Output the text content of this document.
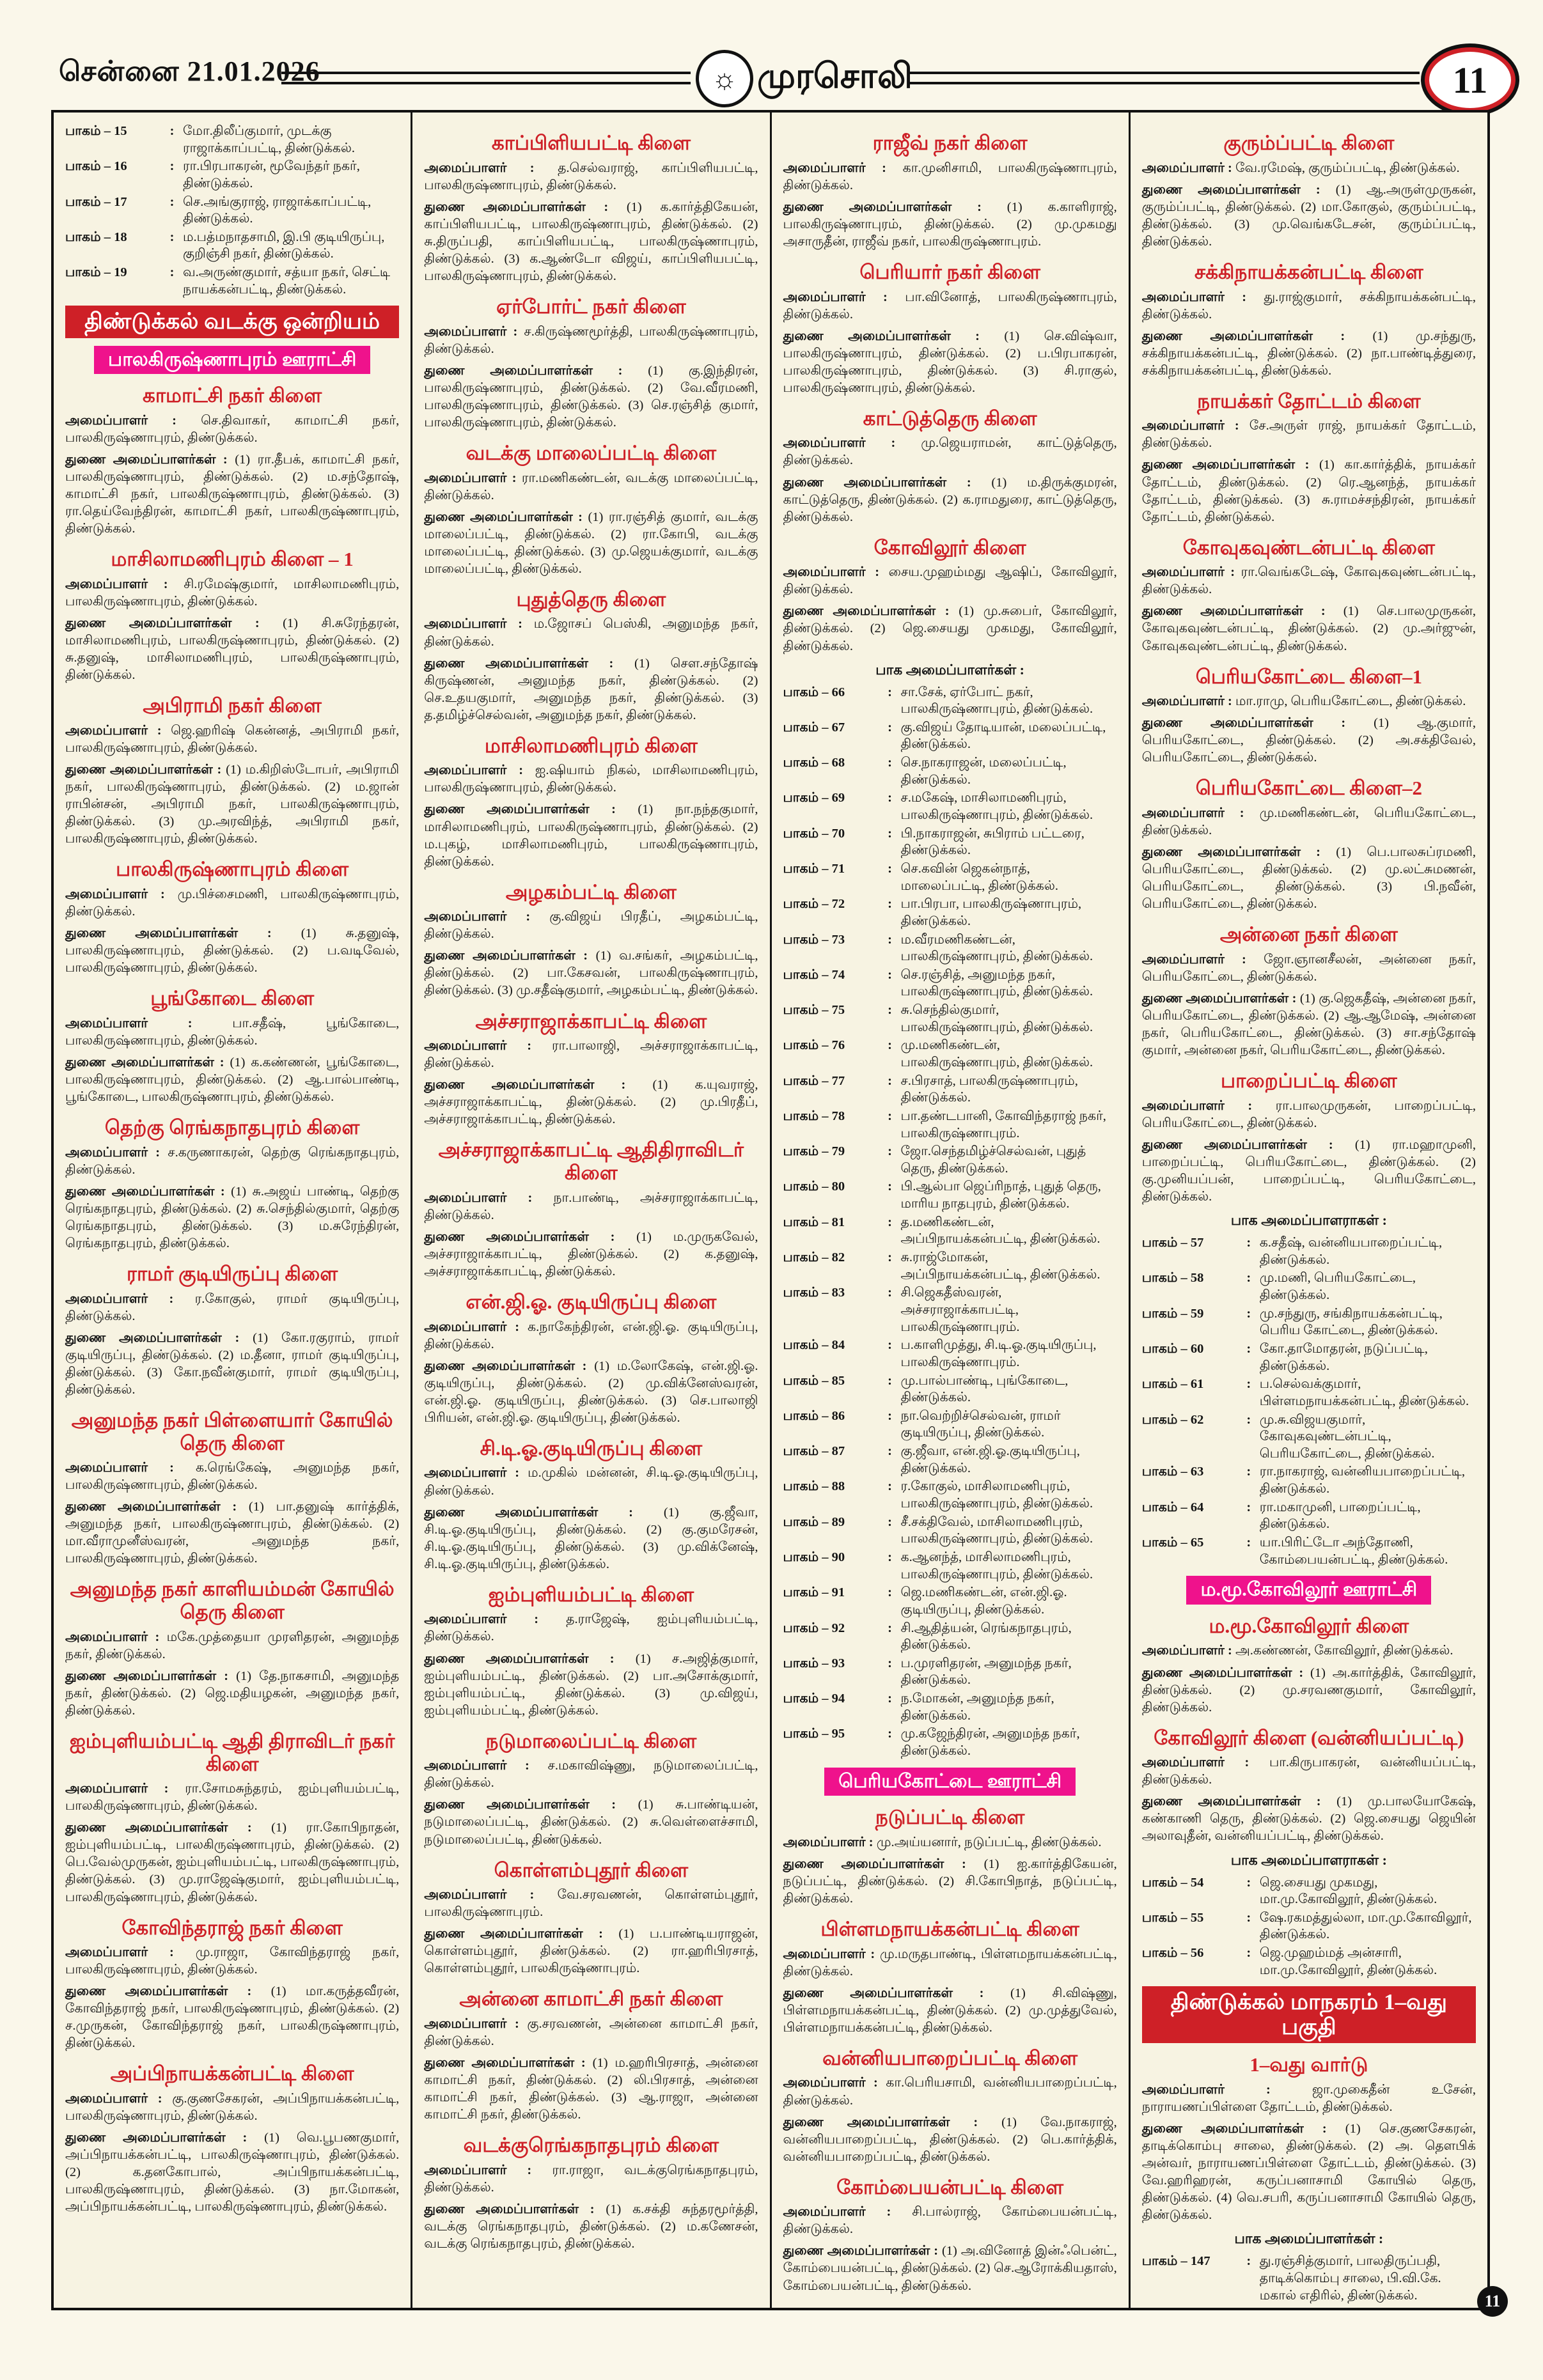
சென்னை 21.01.2026	☼ முரசொலி	11
பாகம் – 15	: மோ.திலீப்குமார், முடக்கு ராஜாக்காப்பட்டி, திண்டுக்கல்.
பாகம் – 16	: ரா.பிரபாகரன், மூவேந்தர் நகர், திண்டுக்கல்.
பாகம் – 17	: செ.அங்குராஜ், ராஜாக்காப்பட்டி, திண்டுக்கல்.
பாகம் – 18	: ம.பத்மநாதசாமி, இ.பி குடியிருப்பு, குறிஞ்சி நகர், திண்டுக்கல்.
பாகம் – 19	: வ.அருண்குமார், சத்யா நகர், செட்டி நாயக்கன்பட்டி, திண்டுக்கல்.
திண்டுக்கல் வடக்கு ஒன்றியம்
பாலகிருஷ்ணாபுரம் ஊராட்சி
காமாட்சி நகர் கிளை

அமைப்பாளர் : செ.திவாகர், காமாட்சி நகர், பாலகிருஷ்ணாபுரம், திண்டுக்கல்.

துணை அமைப்பாளர்கள் : (1) ரா.தீபக், காமாட்சி நகர், பாலகிருஷ்ணாபுரம், திண்டுக்கல். (2) ம.சந்தோஷ், காமாட்சி நகர், பாலகிருஷ்ணாபுரம், திண்டுக்கல். (3) ரா.தெய்வேந்திரன், காமாட்சி நகர், பாலகிருஷ்ணாபுரம், திண்டுக்கல்.

மாசிலாமணிபுரம் கிளை – 1

அமைப்பாளர் : சி.ரமேஷ்குமார், மாசிலாமணிபுரம், பாலகிருஷ்ணாபுரம், திண்டுக்கல்.

துணை அமைப்பாளர்கள் : (1) சி.சுரேந்தரன், மாசிலாமணிபுரம், பாலகிருஷ்ணாபுரம், திண்டுக்கல். (2) சு.தனுஷ், மாசிலாமணிபுரம், பாலகிருஷ்ணாபுரம், திண்டுக்கல்.

அபிராமி நகர் கிளை

அமைப்பாளர் : ஜெ.ஹரிஷ் கென்னத், அபிராமி நகர், பாலகிருஷ்ணாபுரம், திண்டுக்கல்.

துணை அமைப்பாளர்கள் : (1) ம.கிறிஸ்டோபர், அபிராமி நகர், பாலகிருஷ்ணாபுரம், திண்டுக்கல். (2) ம.ஜான் ராபின்சன், அபிராமி நகர், பாலகிருஷ்ணாபுரம், திண்டுக்கல். (3) மு.அரவிந்த், அபிராமி நகர், பாலகிருஷ்ணாபுரம், திண்டுக்கல்.

பாலகிருஷ்ணாபுரம் கிளை

அமைப்பாளர் : மு.பிச்சைமணி, பாலகிருஷ்ணாபுரம், திண்டுக்கல்.

துணை அமைப்பாளர்கள் : (1) சு.தனுஷ், பாலகிருஷ்ணாபுரம், திண்டுக்கல். (2) ப.வடிவேல், பாலகிருஷ்ணாபுரம், திண்டுக்கல்.

பூங்கோடை கிளை

அமைப்பாளர் : பா.சதீஷ், பூங்கோடை, பாலகிருஷ்ணாபுரம், திண்டுக்கல்.

துணை அமைப்பாளர்கள் : (1) க.கண்ணன், பூங்கோடை, பாலகிருஷ்ணாபுரம், திண்டுக்கல். (2) ஆ.பால்பாண்டி, பூங்கோடை, பாலகிருஷ்ணாபுரம், திண்டுக்கல்.

தெற்கு ரெங்கநாதபுரம் கிளை

அமைப்பாளர் : ச.கருணாகரன், தெற்கு ரெங்கநாதபுரம், திண்டுக்கல்.

துணை அமைப்பாளர்கள் : (1) சு.அஜய் பாண்டி, தெற்கு ரெங்கநாதபுரம், திண்டுக்கல். (2) சு.செந்தில்குமார், தெற்கு ரெங்கநாதபுரம், திண்டுக்கல். (3) ம.சுரேந்திரன், ரெங்கநாதபுரம், திண்டுக்கல்.

ராமர் குடியிருப்பு கிளை

அமைப்பாளர் : ர.கோகுல், ராமர் குடியிருப்பு, திண்டுக்கல்.

துணை அமைப்பாளர்கள் : (1) கோ.ரகுராம், ராமர் குடியிருப்பு, திண்டுக்கல். (2) ம.தீனா, ராமர் குடியிருப்பு, திண்டுக்கல். (3) கோ.நவீன்குமார், ராமர் குடியிருப்பு, திண்டுக்கல்.

அனுமந்த நகர் பிள்ளையார் கோயில் தெரு கிளை

அமைப்பாளர் : க.ரெங்கேஷ், அனுமந்த நகர், பாலகிருஷ்ணாபுரம், திண்டுக்கல்.

துணை அமைப்பாளர்கள் : (1) பா.தனுஷ் கார்த்திக், அனுமந்த நகர், பாலகிருஷ்ணாபுரம், திண்டுக்கல். (2) மா.வீராமுனீஸ்வரன், அனுமந்த நகர், பாலகிருஷ்ணாபுரம், திண்டுக்கல்.

அனுமந்த நகர் காளியம்மன் கோயில் தெரு கிளை

அமைப்பாளர் : மகே.முத்தையா முரளிதரன், அனுமந்த நகர், திண்டுக்கல்.

துணை அமைப்பாளர்கள் : (1) தே.நாகசாமி, அனுமந்த நகர், திண்டுக்கல். (2) ஜெ.மதியழகன், அனுமந்த நகர், திண்டுக்கல்.

ஐம்புளியம்பட்டி ஆதி திராவிடர் நகர் கிளை

அமைப்பாளர் : ரா.சோமசுந்தரம், ஐம்புளியம்பட்டி, பாலகிருஷ்ணாபுரம், திண்டுக்கல்.

துணை அமைப்பாளர்கள் : (1) ரா.கோபிநாதன், ஐம்புளியம்பட்டி, பாலகிருஷ்ணாபுரம், திண்டுக்கல். (2) பெ.வேல்முருகன், ஐம்புளியம்பட்டி, பாலகிருஷ்ணாபுரம், திண்டுக்கல். (3) மு.ராஜேஷ்குமார், ஐம்புளியம்பட்டி, பாலகிருஷ்ணாபுரம், திண்டுக்கல்.

கோவிந்தராஜ் நகர் கிளை

அமைப்பாளர் : மு.ராஜா, கோவிந்தராஜ் நகர், பாலகிருஷ்ணாபுரம், திண்டுக்கல்.

துணை அமைப்பாளர்கள் : (1) மா.கருத்தவீரன், கோவிந்தராஜ் நகர், பாலகிருஷ்ணாபுரம், திண்டுக்கல். (2) ச.முருகன், கோவிந்தராஜ் நகர், பாலகிருஷ்ணாபுரம், திண்டுக்கல்.

அப்பிநாயக்கன்பட்டி கிளை

அமைப்பாளர் : கு.குணசேகரன், அப்பிநாயக்கன்பட்டி, பாலகிருஷ்ணாபுரம், திண்டுக்கல்.

துணை அமைப்பாளர்கள் : (1) வெ.பூபணகுமார், அப்பிநாயக்கன்பட்டி, பாலகிருஷ்ணாபுரம், திண்டுக்கல். (2) க.தனகோபால், அப்பிநாயக்கன்பட்டி, பாலகிருஷ்ணாபுரம், திண்டுக்கல். (3) நா.மோகன், அப்பிநாயக்கன்பட்டி, பாலகிருஷ்ணாபுரம், திண்டுக்கல்.

காப்பிளியபட்டி கிளை

அமைப்பாளர் : த.செல்வராஜ், காப்பிளியபட்டி, பாலகிருஷ்ணாபுரம், திண்டுக்கல்.

துணை அமைப்பாளர்கள் : (1) க.கார்த்திகேயன், காப்பிளியபட்டி, பாலகிருஷ்ணாபுரம், திண்டுக்கல். (2) சு.திருப்பதி, காப்பிளியபட்டி, பாலகிருஷ்ணாபுரம், திண்டுக்கல். (3) க.ஆண்டோ விஜய், காப்பிளியபட்டி, பாலகிருஷ்ணாபுரம், திண்டுக்கல்.

ஏர்போர்ட் நகர் கிளை

அமைப்பாளர் : ச.கிருஷ்ணமூர்த்தி, பாலகிருஷ்ணாபுரம், திண்டுக்கல்.

துணை அமைப்பாளர்கள் : (1) கு.இந்திரன், பாலகிருஷ்ணாபுரம், திண்டுக்கல். (2) வே.வீரமணி, பாலகிருஷ்ணாபுரம், திண்டுக்கல். (3) செ.ரஞ்சித் குமார், பாலகிருஷ்ணாபுரம், திண்டுக்கல்.

வடக்கு மாலைப்பட்டி கிளை

அமைப்பாளர் : ரா.மணிகண்டன், வடக்கு மாலைப்பட்டி, திண்டுக்கல்.

துணை அமைப்பாளர்கள் : (1) ரா.ரஞ்சித் குமார், வடக்கு மாலைப்பட்டி, திண்டுக்கல். (2) ரா.கோபி, வடக்கு மாலைப்பட்டி, திண்டுக்கல். (3) மு.ஜெயக்குமார், வடக்கு மாலைப்பட்டி, திண்டுக்கல்.

புதுத்தெரு கிளை

அமைப்பாளர் : ம.ஜோசப் பெஸ்கி, அனுமந்த நகர், திண்டுக்கல்.

துணை அமைப்பாளர்கள் : (1) சௌ.சந்தோஷ் கிருஷ்ணன், அனுமந்த நகர், திண்டுக்கல். (2) செ.உதயகுமார், அனுமந்த நகர், திண்டுக்கல். (3) த.தமிழ்ச்செல்வன், அனுமந்த நகர், திண்டுக்கல்.

மாசிலாமணிபுரம் கிளை

அமைப்பாளர் : ஐ.ஷியாம் நிகல், மாசிலாமணிபுரம், பாலகிருஷ்ணாபுரம், திண்டுக்கல்.

துணை அமைப்பாளர்கள் : (1) நா.நந்தகுமார், மாசிலாமணிபுரம், பாலகிருஷ்ணாபுரம், திண்டுக்கல். (2) ம.புகழ், மாசிலாமணிபுரம், பாலகிருஷ்ணாபுரம், திண்டுக்கல்.

அழகம்பட்டி கிளை

அமைப்பாளர் : கு.விஜய் பிரதீப், அழகம்பட்டி, திண்டுக்கல்.

துணை அமைப்பாளர்கள் : (1) வ.சங்கர், அழகம்பட்டி, திண்டுக்கல். (2) பா.கேசவன், பாலகிருஷ்ணாபுரம், திண்டுக்கல். (3) மு.சதீஷ்குமார், அழகம்பட்டி, திண்டுக்கல்.

அச்சராஜாக்காபட்டி கிளை

அமைப்பாளர் : ரா.பாலாஜி, அச்சராஜாக்காபட்டி, திண்டுக்கல்.

துணை அமைப்பாளர்கள் : (1) க.யுவராஜ், அச்சராஜாக்காபட்டி, திண்டுக்கல். (2) மு.பிரதீப், அச்சராஜாக்காபட்டி, திண்டுக்கல்.

அச்சராஜாக்காபட்டி ஆதிதிராவிடர் கிளை

அமைப்பாளர் : நா.பாண்டி, அச்சராஜாக்காபட்டி, திண்டுக்கல்.

துணை அமைப்பாளர்கள் : (1) ம.முருகவேல், அச்சராஜாக்காபட்டி, திண்டுக்கல். (2) க.தனுஷ், அச்சராஜாக்காபட்டி, திண்டுக்கல்.

என்.ஜி.ஓ. குடியிருப்பு கிளை

அமைப்பாளர் : க.நாகேந்திரன், என்.ஜி.ஓ. குடியிருப்பு, திண்டுக்கல்.

துணை அமைப்பாளர்கள் : (1) ம.லோகேஷ், என்.ஜி.ஓ. குடியிருப்பு, திண்டுக்கல். (2) மு.விக்னேஸ்வரன், என்.ஜி.ஓ. குடியிருப்பு, திண்டுக்கல். (3) செ.பாலாஜி பிரியன், என்.ஜி.ஓ. குடியிருப்பு, திண்டுக்கல்.

சி.டி.ஓ.குடியிருப்பு கிளை

அமைப்பாளர் : ம.முகில் மன்னன், சி.டி.ஓ.குடியிருப்பு, திண்டுக்கல்.

துணை அமைப்பாளர்கள் : (1) கு.ஜீவா, சி.டி.ஓ.குடியிருப்பு, திண்டுக்கல். (2) கு.குமரேசன், சி.டி.ஓ.குடியிருப்பு, திண்டுக்கல். (3) மு.விக்னேஷ், சி.டி.ஓ.குடியிருப்பு, திண்டுக்கல்.

ஐம்புளியம்பட்டி கிளை

அமைப்பாளர் : த.ராஜேஷ், ஐம்புளியம்பட்டி, திண்டுக்கல்.

துணை அமைப்பாளர்கள் : (1) ச.அஜித்குமார், ஐம்புளியம்பட்டி, திண்டுக்கல். (2) பா.அசோக்குமார், ஐம்புளியம்பட்டி, திண்டுக்கல். (3) மு.விஜய், ஐம்புளியம்பட்டி, திண்டுக்கல்.

நடுமாலைப்பட்டி கிளை

அமைப்பாளர் : ச.மகாவிஷ்ணு, நடுமாலைப்பட்டி, திண்டுக்கல்.

துணை அமைப்பாளர்கள் : (1) சு.பாண்டியன், நடுமாலைப்பட்டி, திண்டுக்கல். (2) சு.வெள்ளைச்சாமி, நடுமாலைப்பட்டி, திண்டுக்கல்.

கொள்ளம்புதூர் கிளை

அமைப்பாளர் : வே.சரவணன், கொள்ளம்புதூர், பாலகிருஷ்ணாபுரம்.

துணை அமைப்பாளர்கள் : (1) ப.பாண்டியராஜன், கொள்ளம்புதூர், திண்டுக்கல். (2) ரா.ஹரிபிரசாத், கொள்ளம்புதூர், பாலகிருஷ்ணாபுரம்.

அன்னை காமாட்சி நகர் கிளை

அமைப்பாளர் : கு.சரவணன், அன்னை காமாட்சி நகர், திண்டுக்கல்.

துணை அமைப்பாளர்கள் : (1) ம.ஹரிபிரசாத், அன்னை காமாட்சி நகர், திண்டுக்கல். (2) லி.பிரசாத், அன்னை காமாட்சி நகர், திண்டுக்கல். (3) ஆ.ராஜா, அன்னை காமாட்சி நகர், திண்டுக்கல்.

வடக்குரெங்கநாதபுரம் கிளை

அமைப்பாளர் : ரா.ராஜா, வடக்குரெங்கநாதபுரம், திண்டுக்கல்.

துணை அமைப்பாளர்கள் : (1) க.சக்தி சுந்தரமூர்த்தி, வடக்கு ரெங்கநாதபுரம், திண்டுக்கல். (2) ம.கணேசன், வடக்கு ரெங்கநாதபுரம், திண்டுக்கல்.

ராஜீவ் நகர் கிளை

அமைப்பாளர் : கா.முனிசாமி, பாலகிருஷ்ணாபுரம், திண்டுக்கல்.

துணை அமைப்பாளர்கள் : (1) க.காளிராஜ், பாலகிருஷ்ணாபுரம், திண்டுக்கல். (2) மு.முகமது அசாருதீன், ராஜீவ் நகர், பாலகிருஷ்ணாபுரம்.

பெரியார் நகர் கிளை

அமைப்பாளர் : பா.வினோத், பாலகிருஷ்ணாபுரம், திண்டுக்கல்.

துணை அமைப்பாளர்கள் : (1) செ.விஷ்வா, பாலகிருஷ்ணாபுரம், திண்டுக்கல். (2) ப.பிரபாகரன், பாலகிருஷ்ணாபுரம், திண்டுக்கல். (3) சி.ராகுல், பாலகிருஷ்ணாபுரம், திண்டுக்கல்.

காட்டுத்தெரு கிளை

அமைப்பாளர் : மு.ஜெயராமன், காட்டுத்தெரு, திண்டுக்கல்.

துணை அமைப்பாளர்கள் : (1) ம.திருக்குமரன், காட்டுத்தெரு, திண்டுக்கல். (2) க.ராமதுரை, காட்டுத்தெரு, திண்டுக்கல்.

கோவிலூர் கிளை

அமைப்பாளர் : சைய.முஹம்மது ஆஷிப், கோவிலூர், திண்டுக்கல்.

துணை அமைப்பாளர்கள் : (1) மு.சுபைர், கோவிலூர், திண்டுக்கல். (2) ஜெ.சையது முகமது, கோவிலூர், திண்டுக்கல்.

பாக அமைப்பாளர்கள் :
பாகம் – 66	: சா.சேக், ஏர்போட் நகர், பாலகிருஷ்ணாபுரம், திண்டுக்கல்.
பாகம் – 67	: கு.விஜய் தோடியான், மலைப்பட்டி, திண்டுக்கல்.
பாகம் – 68	: செ.நாகராஜன், மலைப்பட்டி, திண்டுக்கல்.
பாகம் – 69	: ச.மகேஷ், மாசிலாமணிபுரம், பாலகிருஷ்ணாபுரம், திண்டுக்கல்.
பாகம் – 70	: பி.நாகராஜன், சுபிராம் பட்டரை, திண்டுக்கல்.
பாகம் – 71	: செ.கவின் ஜெகன்நாத், மாலைப்பட்டி, திண்டுக்கல்.
பாகம் – 72	: பா.பிரபா, பாலகிருஷ்ணாபுரம், திண்டுக்கல்.
பாகம் – 73	: ம.வீரமணிகண்டன், பாலகிருஷ்ணாபுரம், திண்டுக்கல்.
பாகம் – 74	: செ.ரஞ்சித், அனுமந்த நகர், பாலகிருஷ்ணாபுரம், திண்டுக்கல்.
பாகம் – 75	: சு.செந்தில்குமார், பாலகிருஷ்ணாபுரம், திண்டுக்கல்.
பாகம் – 76	: மு.மணிகண்டன், பாலகிருஷ்ணாபுரம், திண்டுக்கல்.
பாகம் – 77	: ச.பிரசாத், பாலகிருஷ்ணாபுரம், திண்டுக்கல்.
பாகம் – 78	: பா.தண்டபானி, கோவிந்தராஜ் நகர், பாலகிருஷ்ணாபுரம்.
பாகம் – 79	: ஜோ.செந்தமிழ்ச்செல்வன், புதுத் தெரு, திண்டுக்கல்.
பாகம் – 80	: பி.ஆல்பா ஜெப்ரிநாத், புதுத் தெரு, மாரிய நாதபுரம், திண்டுக்கல்.
பாகம் – 81	: த.மணிகண்டன், அப்பிநாயக்கன்பட்டி, திண்டுக்கல்.
பாகம் – 82	: சு.ராஜ்மோகன், அப்பிநாயக்கன்பட்டி, திண்டுக்கல்.
பாகம் – 83	: சி.ஜெகதீஸ்வரன், அச்சராஜாக்காபட்டி, பாலகிருஷ்ணாபுரம்.
பாகம் – 84	: ப.காளிமுத்து, சி.டி.ஓ.குடியிருப்பு, பாலகிருஷ்ணாபுரம்.
பாகம் – 85	: மு.பால்பாண்டி, புங்கோடை, திண்டுக்கல்.
பாகம் – 86	: நா.வெற்றிச்செல்வன், ராமர் குடியிருப்பு, திண்டுக்கல்.
பாகம் – 87	: கு.ஜீவா, என்.ஜி.ஓ.குடியிருப்பு, திண்டுக்கல்.
பாகம் – 88	: ர.கோகுல், மாசிலாமணிபுரம், பாலகிருஷ்ணாபுரம், திண்டுக்கல்.
பாகம் – 89	: சீ.சக்திவேல், மாசிலாமணிபுரம், பாலகிருஷ்ணாபுரம், திண்டுக்கல்.
பாகம் – 90	: க.ஆனந்த், மாசிலாமணிபுரம், பாலகிருஷ்ணாபுரம், திண்டுக்கல்.
பாகம் – 91	: ஜெ.மணிகண்டன், என்.ஜி.ஓ. குடியிருப்பு, திண்டுக்கல்.
பாகம் – 92	: சி.ஆதித்யன், ரெங்கநாதபுரம், திண்டுக்கல்.
பாகம் – 93	: ப.முரளிதரன், அனுமந்த நகர், திண்டுக்கல்.
பாகம் – 94	: ந.மோகன், அனுமந்த நகர், திண்டுக்கல்.
பாகம் – 95	: மு.கஜேந்திரன், அனுமந்த நகர், திண்டுக்கல்.
பெரியகோட்டை ஊராட்சி
நடுப்பட்டி கிளை

அமைப்பாளர் : மு.அய்யனார், நடுப்பட்டி, திண்டுக்கல்.

துணை அமைப்பாளர்கள் : (1) ஐ.கார்த்திகேயன், நடுப்பட்டி, திண்டுக்கல். (2) சி.கோபிநாத், நடுப்பட்டி, திண்டுக்கல்.

பிள்ளமநாயக்கன்பட்டி கிளை

அமைப்பாளர் : மு.மருதபாண்டி, பிள்ளமநாயக்கன்பட்டி, திண்டுக்கல்.

துணை அமைப்பாளர்கள் : (1) சி.விஷ்ணு, பிள்ளமநாயக்கன்பட்டி, திண்டுக்கல். (2) மு.முத்துவேல், பிள்ளமநாயக்கன்பட்டி, திண்டுக்கல்.

வன்னியபாறைப்பட்டி கிளை

அமைப்பாளர் : கா.பெரியசாமி, வன்னியபாறைப்பட்டி, திண்டுக்கல்.

துணை அமைப்பாளர்கள் : (1) வே.நாகராஜ், வன்னியபாறைப்பட்டி, திண்டுக்கல். (2) பெ.கார்த்திக், வன்னியபாறைப்பட்டி, திண்டுக்கல்.

கோம்பையன்பட்டி கிளை

அமைப்பாளர் : சி.பால்ராஜ், கோம்பையன்பட்டி, திண்டுக்கல்.

துணை அமைப்பாளர்கள் : (1) அ.வினோத் இன்ஃபென்ட், கோம்பையன்பட்டி, திண்டுக்கல். (2) செ.ஆரோக்கியதாஸ், கோம்பையன்பட்டி, திண்டுக்கல்.

குரும்ப்பட்டி கிளை

அமைப்பாளர் : வே.ரமேஷ், குரும்ப்பட்டி, திண்டுக்கல்.

துணை அமைப்பாளர்கள் : (1) ஆ.அருள்முருகன், குரும்ப்பட்டி, திண்டுக்கல். (2) மா.கோகுல், குரும்ப்பட்டி, திண்டுக்கல். (3) மு.வெங்கடேசன், குரும்ப்பட்டி, திண்டுக்கல்.

சக்கிநாயக்கன்பட்டி கிளை

அமைப்பாளர் : து.ராஜ்குமார், சக்கிநாயக்கன்பட்டி, திண்டுக்கல்.

துணை அமைப்பாளர்கள் : (1) மு.சந்துரு, சக்கிநாயக்கன்பட்டி, திண்டுக்கல். (2) நா.பாண்டித்துரை, சக்கிநாயக்கன்பட்டி, திண்டுக்கல்.

நாயக்கர் தோட்டம் கிளை

அமைப்பாளர் : சே.அருள் ராஜ், நாயக்கர் தோட்டம், திண்டுக்கல்.

துணை அமைப்பாளர்கள் : (1) கா.கார்த்திக், நாயக்கர் தோட்டம், திண்டுக்கல். (2) ரெ.ஆனந்த், நாயக்கர் தோட்டம், திண்டுக்கல். (3) சு.ராமச்சந்திரன், நாயக்கர் தோட்டம், திண்டுக்கல்.

கோவுகவுண்டன்பட்டி கிளை

அமைப்பாளர் : ரா.வெங்கடேஷ், கோவுகவுண்டன்பட்டி, திண்டுக்கல்.

துணை அமைப்பாளர்கள் : (1) செ.பாலமுருகன், கோவுகவுண்டன்பட்டி, திண்டுக்கல். (2) மு.அர்ஜுன், கோவுகவுண்டன்பட்டி, திண்டுக்கல்.

பெரியகோட்டை கிளை–1

அமைப்பாளர் : மா.ராமு, பெரியகோட்டை, திண்டுக்கல்.

துணை அமைப்பாளர்கள் : (1) ஆ.குமார், பெரியகோட்டை, திண்டுக்கல். (2) அ.சக்திவேல், பெரியகோட்டை, திண்டுக்கல்.

பெரியகோட்டை கிளை–2

அமைப்பாளர் : மு.மணிகண்டன், பெரியகோட்டை, திண்டுக்கல்.

துணை அமைப்பாளர்கள் : (1) பெ.பாலசுப்ரமணி, பெரியகோட்டை, திண்டுக்கல். (2) மு.லட்சுமணன், பெரியகோட்டை, திண்டுக்கல். (3) பி.நவீன், பெரியகோட்டை, திண்டுக்கல்.

அன்னை நகர் கிளை

அமைப்பாளர் : ஜோ.ஞானசீலன், அன்னை நகர், பெரியகோட்டை, திண்டுக்கல்.

துணை அமைப்பாளர்கள் : (1) கு.ஜெகதீஷ், அன்னை நகர், பெரியகோட்டை, திண்டுக்கல். (2) ஆ.ஆமேஷ், அன்னை நகர், பெரியகோட்டை, திண்டுக்கல். (3) சா.சந்தோஷ் குமார், அன்னை நகர், பெரியகோட்டை, திண்டுக்கல்.

பாறைப்பட்டி கிளை

அமைப்பாளர் : ரா.பாலமுருகன், பாறைப்பட்டி, பெரியகோட்டை, திண்டுக்கல்.

துணை அமைப்பாளர்கள் : (1) ரா.மஹாமுனி, பாறைப்பட்டி, பெரியகோட்டை, திண்டுக்கல். (2) கு.முனியப்பன், பாறைப்பட்டி, பெரியகோட்டை, திண்டுக்கல்.

பாக அமைப்பாளராகள் :
பாகம் – 57	: க.சதீஷ், வன்னியபாறைப்பட்டி, திண்டுக்கல்.
பாகம் – 58	: மு.மணி, பெரியகோட்டை, திண்டுக்கல்.
பாகம் – 59	: மு.சந்துரு, சங்கிநாயக்கன்பட்டி, பெரிய கோட்டை, திண்டுக்கல்.
பாகம் – 60	: கோ.தாமோதரன், நடுப்பட்டி, திண்டுக்கல்.
பாகம் – 61	: ப.செல்வக்குமார், பிள்ளமநாயக்கன்பட்டி, திண்டுக்கல்.
பாகம் – 62	: மு.சு.விஜயகுமார், கோவுகவுண்டன்பட்டி, பெரியகோட்டை, திண்டுக்கல்.
பாகம் – 63	: ரா.நாகராஜ், வன்னியபாறைப்பட்டி, திண்டுக்கல்.
பாகம் – 64	: ரா.மகாமுனி, பாறைப்பட்டி, திண்டுக்கல்.
பாகம் – 65	: யா.பிரிட்டோ அந்தோணி, கோம்பையன்பட்டி, திண்டுக்கல்.
ம.மூ.கோவிலூர் ஊராட்சி
ம.மூ.கோவிலூர் கிளை

அமைப்பாளர் : அ.கண்ணன், கோவிலூர், திண்டுக்கல்.

துணை அமைப்பாளர்கள் : (1) அ.கார்த்திக், கோவிலூர், திண்டுக்கல். (2) மு.சரவணகுமார், கோவிலூர், திண்டுக்கல்.

கோவிலூர் கிளை (வன்னியப்பட்டி)

அமைப்பாளர் : பா.கிருபாகரன், வன்னியப்பட்டி, திண்டுக்கல்.

துணை அமைப்பாளர்கள் : (1) மு.பாலயோகேஷ், கண்காணி தெரு, திண்டுக்கல். (2) ஜெ.சையது ஜெயின் அலாவுதீன், வன்னியப்பட்டி, திண்டுக்கல்.

பாக அமைப்பாளராகள் :
பாகம் – 54	: ஜெ.சையது முகமது, மா.மு.கோவிலூர், திண்டுக்கல்.
பாகம் – 55	: ஷே.ரகமத்துல்லா, மா.மு.கோவிலூர், திண்டுக்கல்.
பாகம் – 56	: ஜெ.முஹம்மத் அன்சாரி, மா.மு.கோவிலூர், திண்டுக்கல்.
திண்டுக்கல் மாநகரம் 1–வது பகுதி
1–வது வார்டு

அமைப்பாளர் : ஜா.முகைதீன் உசேன், நாராயணப்பிள்ளை தோட்டம், திண்டுக்கல்.

துணை அமைப்பாளர்கள் : (1) செ.குணசேகரன், தாடிக்கொம்பு சாலை, திண்டுக்கல். (2) அ. தௌபிக் அன்வர், நாராயணப்பிள்ளை தோட்டம், திண்டுக்கல். (3) வே.ஹரிஹரன், கருப்பனாசாமி கோயில் தெரு, திண்டுக்கல். (4) வெ.சபரி, கருப்பனாசாமி கோயில் தெரு, திண்டுக்கல்.

பாக அமைப்பாளர்கள் :
பாகம் – 147	: து.ரஞ்சித்குமார், பாலதிருப்பதி, தாடிக்கொம்பு சாலை, பி.வி.கே. மகால் எதிரில், திண்டுக்கல்.	11
